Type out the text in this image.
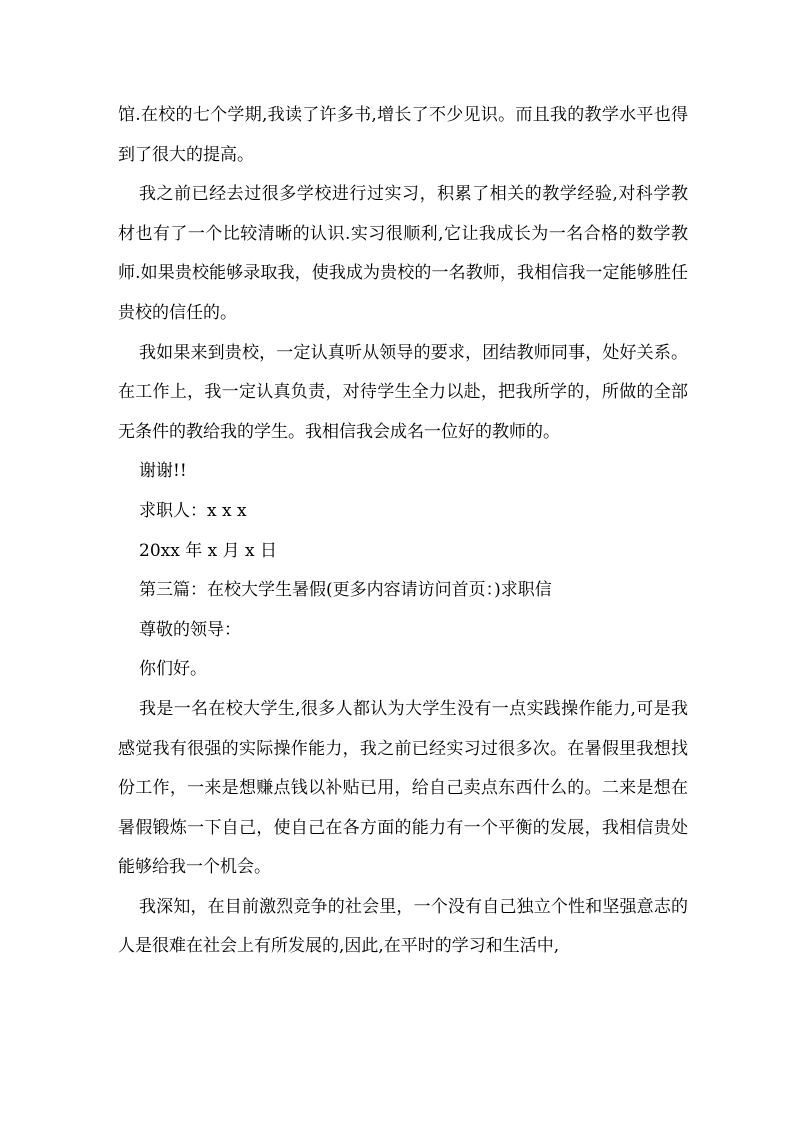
馆.在校的七个学期,我读了许多书,增长了不少见识。而且我的教学水平也得到了很大的提高。

我之前已经去过很多学校进行过实习，积累了相关的教学经验,对科学教材也有了一个比较清晰的认识.实习很顺利,它让我成长为一名合格的数学教师.如果贵校能够录取我，使我成为贵校的一名教师，我相信我一定能够胜任贵校的信任的。

我如果来到贵校，一定认真听从领导的要求，团结教师同事，处好关系。在工作上，我一定认真负责，对待学生全力以赴，把我所学的，所做的全部无条件的教给我的学生。我相信我会成名一位好的教师的。

谢谢!!

求职人：x x x

20xx 年 x 月 x 日

第三篇：在校大学生暑假(更多内容请访问首页：)求职信

尊敬的领导：

你们好。

我是一名在校大学生,很多人都认为大学生没有一点实践操作能力,可是我感觉我有很强的实际操作能力，我之前已经实习过很多次。在暑假里我想找份工作，一来是想赚点钱以补贴已用，给自己卖点东西什么的。二来是想在暑假锻炼一下自己，使自己在各方面的能力有一个平衡的发展，我相信贵处能够给我一个机会。

我深知，在目前激烈竞争的社会里，一个没有自己独立个性和坚强意志的人是很难在社会上有所发展的,因此,在平时的学习和生活中,
